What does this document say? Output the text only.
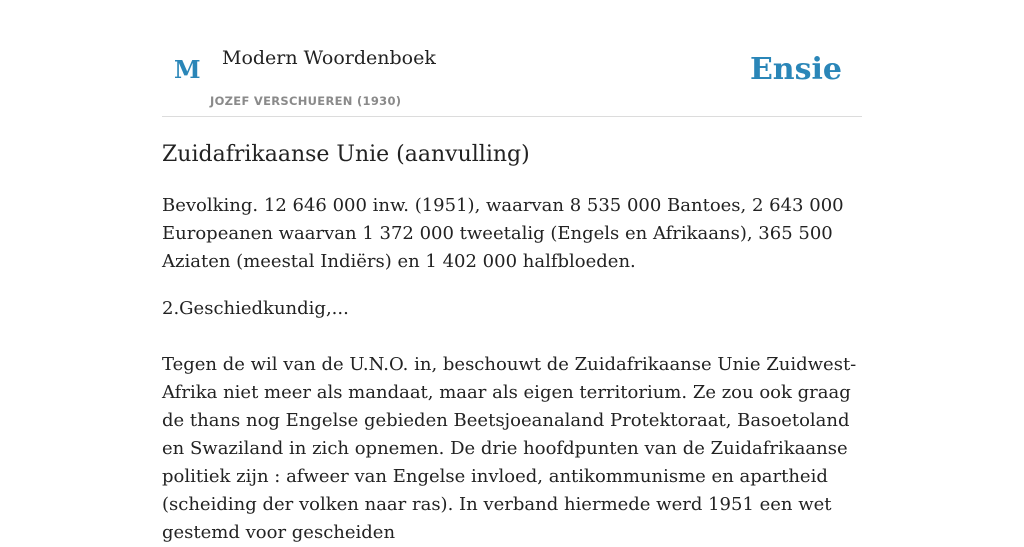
M Modern Woordenboek
JOZEF VERSCHUEREN (1930)
Ensie
Zuidafrikaanse Unie (aanvulling)

Bevolking. 12 646 000 inw. (1951), waarvan 8 535 000 Bantoes, 2 643 000 Europeanen waarvan 1 372 000 tweetalig (Engels en Afrikaans), 365 500 Aziaten (meestal Indiërs) en 1 402 000 halfbloeden.

2.Geschiedkundig,...

Tegen de wil van de U.N.O. in, beschouwt de Zuidafrikaanse Unie Zuidwest-Afrika niet meer als mandaat, maar als eigen territorium. Ze zou ook graag de thans nog Engelse gebieden Beetsjoeanaland Protektoraat, Basoetoland en Swaziland in zich opnemen. De drie hoofdpunten van de Zuidafrikaanse politiek zijn : afweer van Engelse invloed, antikommunisme en apartheid (scheiding der volken naar ras). In verband hiermede werd 1951 een wet gestemd voor gescheiden
